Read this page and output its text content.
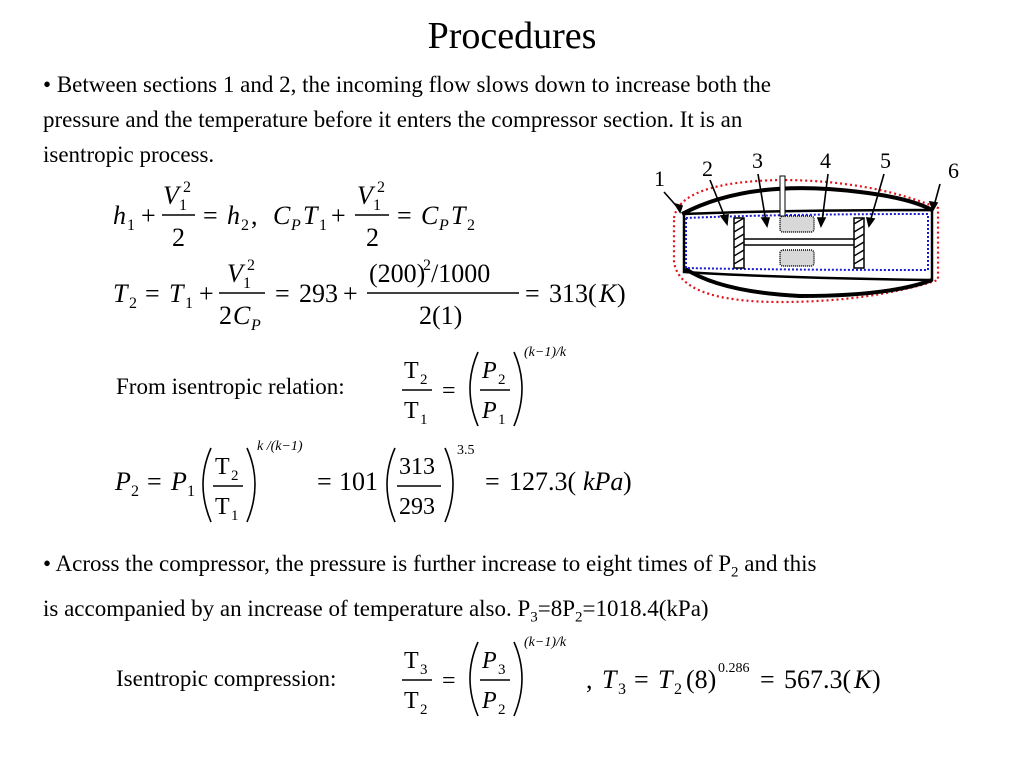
Procedures
• Between sections 1 and 2, the incoming flow slows down to increase both the
pressure and the temperature before it enters the compressor section. It is an
isentropic process.
• Across the compressor, the pressure is further increase to eight times of $P_2$ and this
is accompanied by an increase of temperature also. $P_3=8P_2=1018.4(kPa)$
h 1 +
V 1
2
2
= h 2 , C P T 1 +
V 1
2
2
= C P T 2
T 2 = T 1 +
V 1
2
2 C P
= 293 +
(200)
2 /1000
2(1)
= 313( K )
From isentropic relation:
T 2
T 1
=
P 2
P 1
(k−1)/k
P 2 = P 1
T 2
T 1
k /(k−1)
= 101 313
293
3.5
= 127.3( kPa )
Isentropic compression:
T 3
T 2
=
P 3
P 2
(k−1)/k
, T 3 = T 2 (8) 0.286 = 567.3( K )
1 2 3	4 5	6
